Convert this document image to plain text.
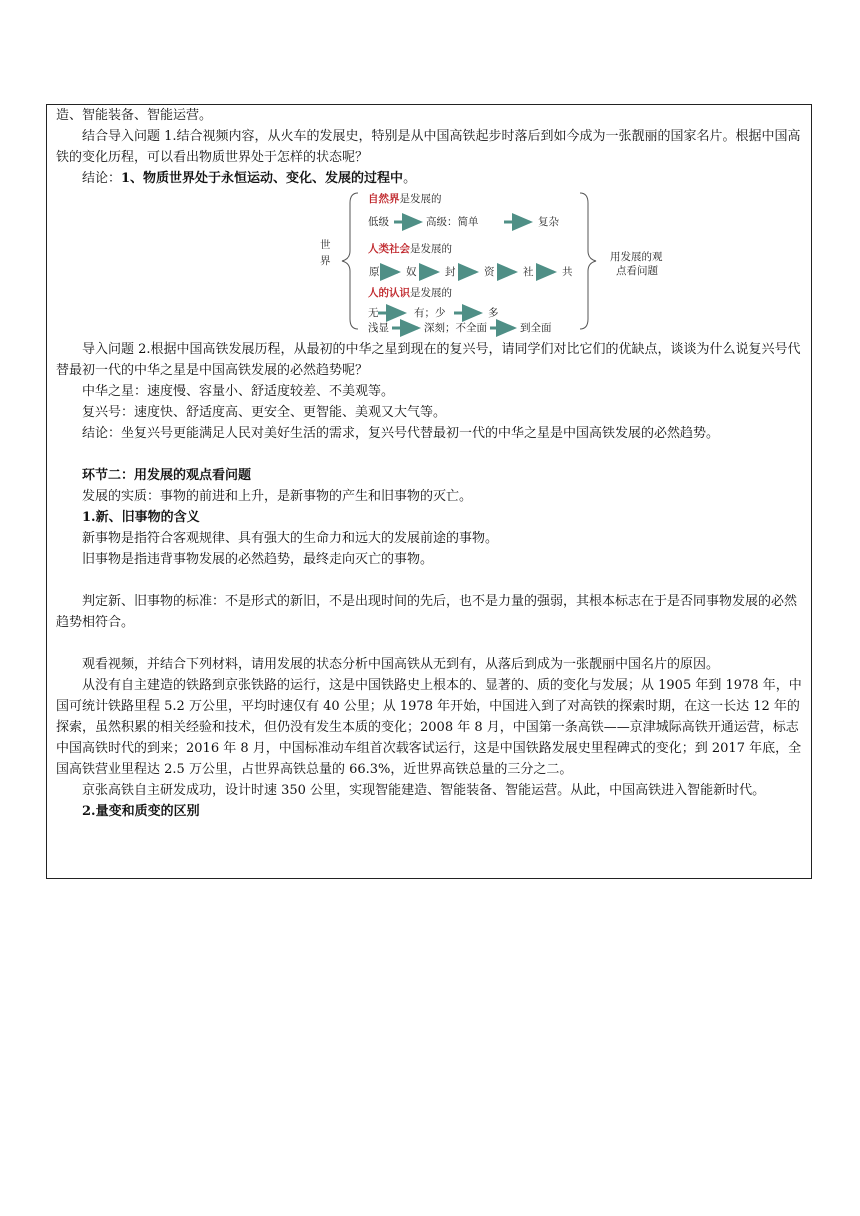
造、智能装备、智能运营。

结合导入问题 1.结合视频内容，从火车的发展史，特别是从中国高铁起步时落后到如今成为一张靓丽的国家名片。根据中国高铁的变化历程，可以看出物质世界处于怎样的状态呢？

结论：1、物质世界处于永恒运动、变化、发展的过程中。

世界
自然界是发展的
低级	高级：简单	复杂
人类社会是发展的
原	奴	封	资	社	共
人的认识是发展的
无	有；少	多
浅显	深刻；不全面	到全面
用发展的观
点看问题

导入问题 2.根据中国高铁发展历程，从最初的中华之星到现在的复兴号，请同学们对比它们的优缺点，谈谈为什么说复兴号代替最初一代的中华之星是中国高铁发展的必然趋势呢？

中华之星：速度慢、容量小、舒适度较差、不美观等。

复兴号：速度快、舒适度高、更安全、更智能、美观又大气等。

结论：坐复兴号更能满足人民对美好生活的需求，复兴号代替最初一代的中华之星是中国高铁发展的必然趋势。

环节二：用发展的观点看问题

发展的实质：事物的前进和上升，是新事物的产生和旧事物的灭亡。

1.新、旧事物的含义

新事物是指符合客观规律、具有强大的生命力和远大的发展前途的事物。

旧事物是指违背事物发展的必然趋势，最终走向灭亡的事物。

判定新、旧事物的标准：不是形式的新旧，不是出现时间的先后，也不是力量的强弱，其根本标志在于是否同事物发展的必然趋势相符合。

观看视频，并结合下列材料，请用发展的状态分析中国高铁从无到有，从落后到成为一张靓丽中国名片的原因。

从没有自主建造的铁路到京张铁路的运行，这是中国铁路史上根本的、显著的、质的变化与发展；从 1905 年到 1978 年，中国可统计铁路里程 5.2 万公里，平均时速仅有 40 公里；从 1978 年开始，中国进入到了对高铁的探索时期，在这一长达 12 年的探索，虽然积累的相关经验和技术，但仍没有发生本质的变化；2008 年 8 月，中国第一条高铁——京津城际高铁开通运营，标志中国高铁时代的到来；2016 年 8 月，中国标准动车组首次载客试运行，这是中国铁路发展史里程碑式的变化；到 2017 年底，全国高铁营业里程达 2.5 万公里，占世界高铁总量的 66.3%，近世界高铁总量的三分之二。

京张高铁自主研发成功，设计时速 350 公里，实现智能建造、智能装备、智能运营。从此，中国高铁进入智能新时代。

2.量变和质变的区别
